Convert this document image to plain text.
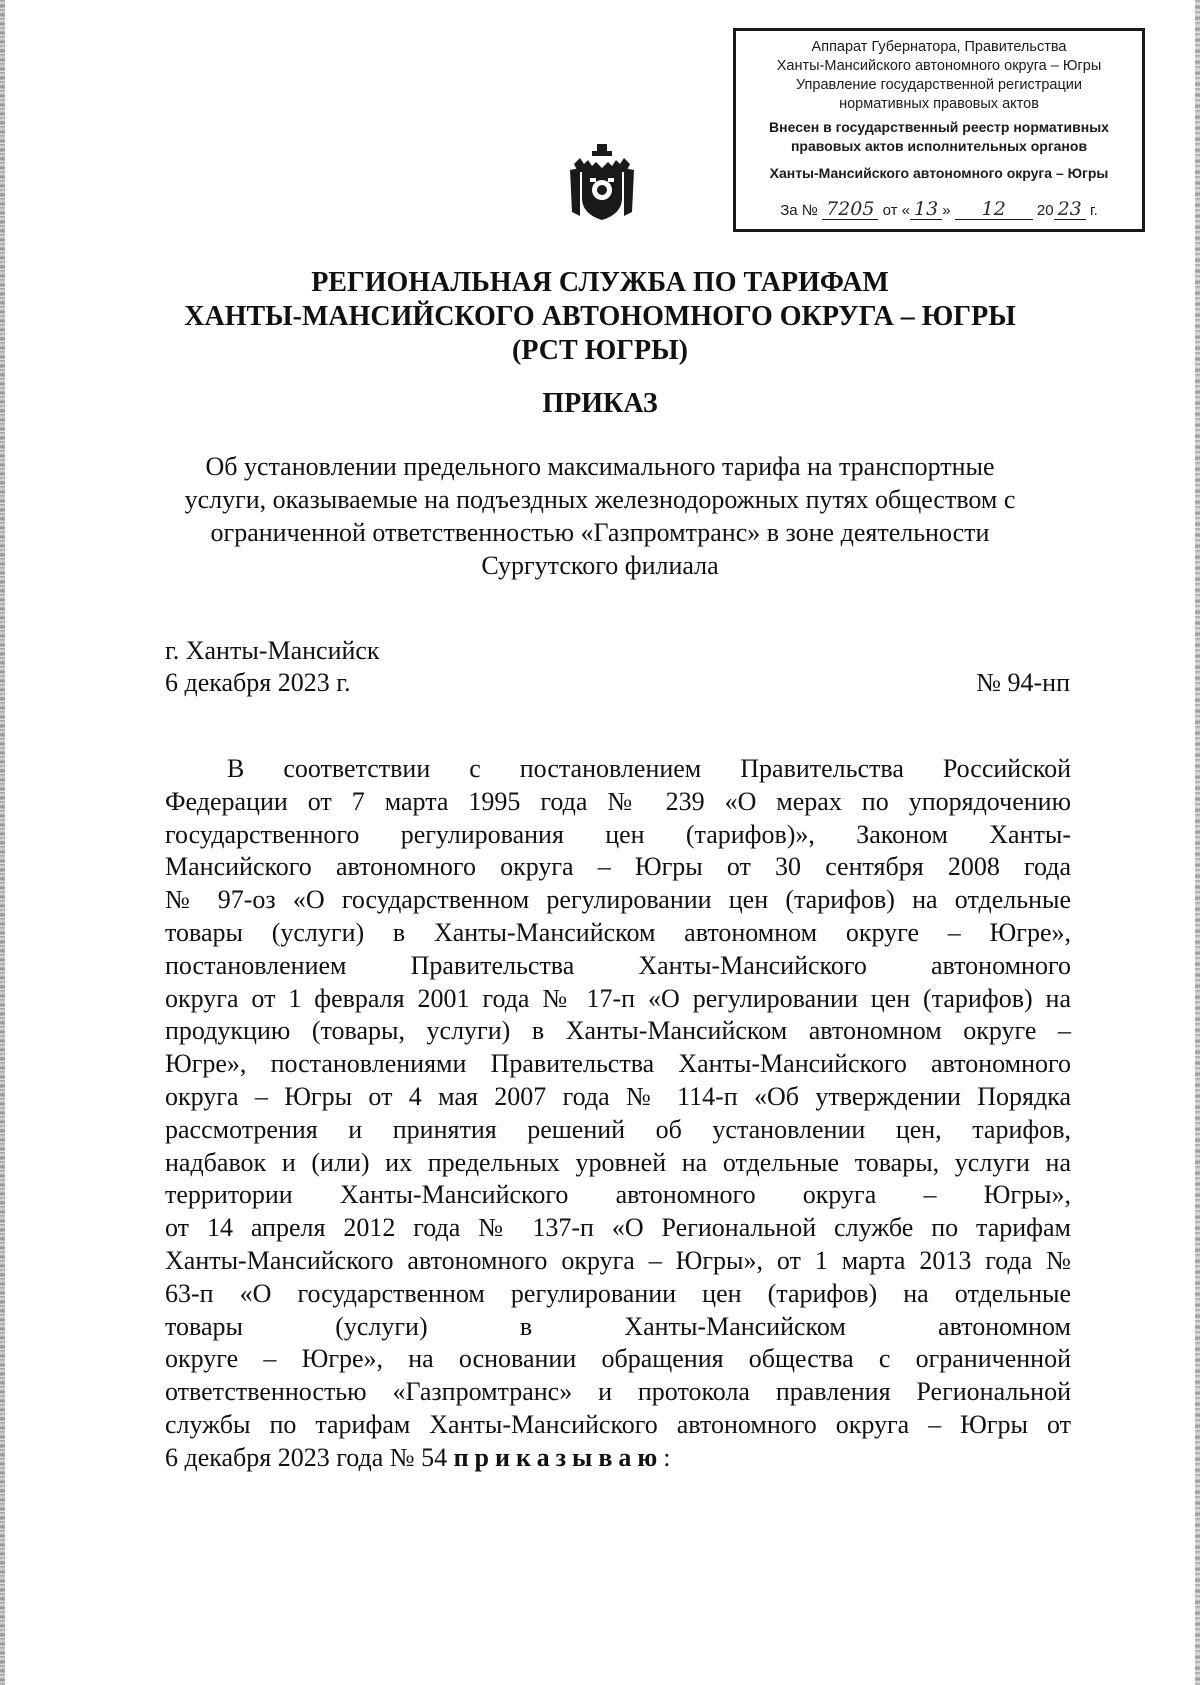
Аппарат Губернатора, Правительства
Ханты-Мансийского автономного округа – Югры
Управление государственной регистрации
нормативных правовых актов
Внесен в государственный реестр нормативных
правовых актов исполнительных органов
Ханты-Мансийского автономного округа – Югры
За № 7205 от « 13 » 12 20 23 г.
РЕГИОНАЛЬНАЯ СЛУЖБА ПО ТАРИФАМ
ХАНТЫ-МАНСИЙСКОГО АВТОНОМНОГО ОКРУГА – ЮГРЫ
(РСТ ЮГРЫ)
ПРИКАЗ
Об установлении предельного максимального тарифа на транспортные
услуги, оказываемые на подъездных железнодорожных путях обществом с
ограниченной ответственностью «Газпромтранс» в зоне деятельности
Сургутского филиала
г. Ханты-Мансийск
6 декабря 2023 г.	№ 94-нп
В соответствии с постановлением Правительства Российской
Федерации от 7 марта 1995 года № 239 «О мерах по упорядочению
государственного регулирования цен (тарифов)», Законом Ханты-
Мансийского автономного округа – Югры от 30 сентября 2008 года
№ 97-оз «О государственном регулировании цен (тарифов) на отдельные
товары (услуги) в Ханты-Мансийском автономном округе – Югре»,
постановлением Правительства Ханты-Мансийского автономного
округа от 1 февраля 2001 года № 17-п «О регулировании цен (тарифов) на
продукцию (товары, услуги) в Ханты-Мансийском автономном округе –
Югре», постановлениями Правительства Ханты-Мансийского автономного
округа – Югры от 4 мая 2007 года № 114-п «Об утверждении Порядка
рассмотрения и принятия решений об установлении цен, тарифов,
надбавок и (или) их предельных уровней на отдельные товары, услуги на
территории Ханты-Мансийского автономного округа – Югры»,
от 14 апреля 2012 года № 137-п «О Региональной службе по тарифам
Ханты-Мансийского автономного округа – Югры», от 1 марта 2013 года №
63-п «О государственном регулировании цен (тарифов) на отдельные
товары (услуги) в Ханты-Мансийском автономном
округе – Югре», на основании обращения общества с ограниченной
ответственностью «Газпромтранс» и протокола правления Региональной
службы по тарифам Ханты-Мансийского автономного округа – Югры от
6 декабря 2023 года № 54 приказываю:
